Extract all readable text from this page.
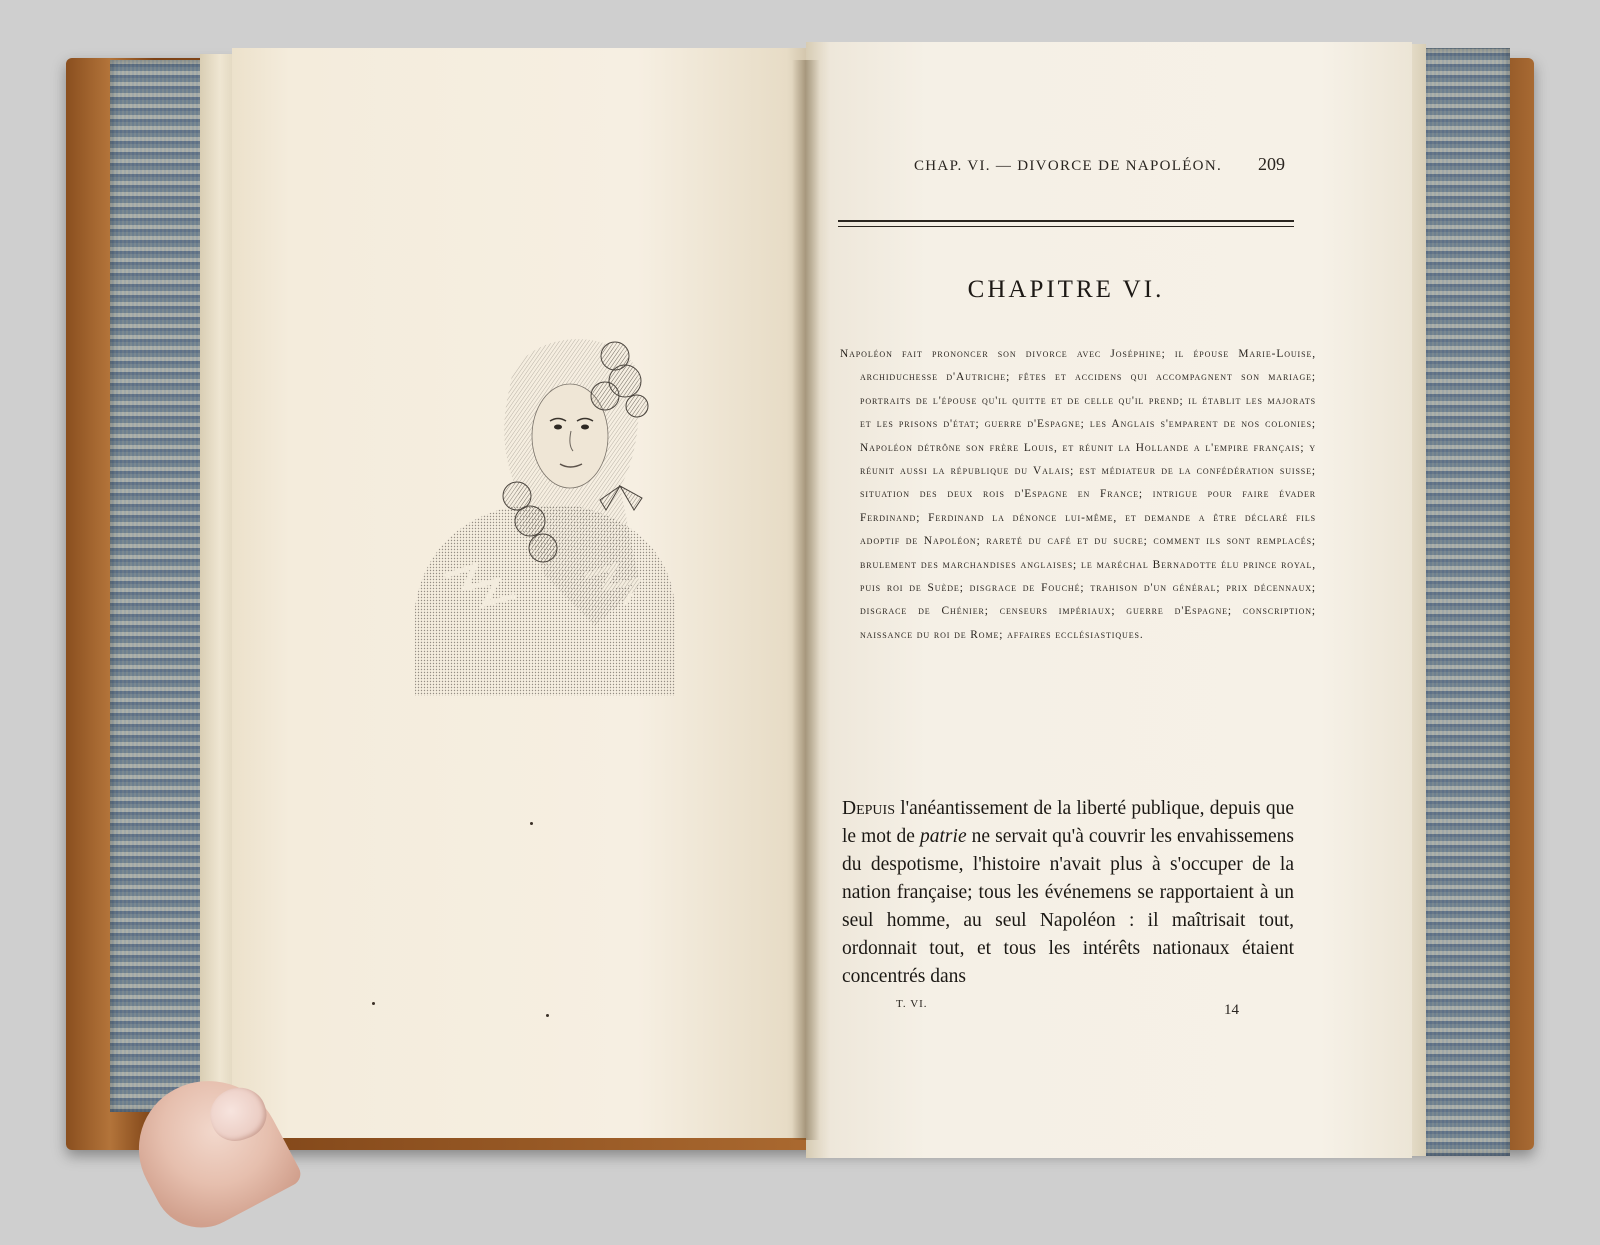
CHAP. VI. — DIVORCE DE NAPOLÉON. 209
CHAPITRE VI.
Napoléon fait prononcer son divorce avec Joséphine; il épouse Marie-Louise, archiduchesse d'Autriche; fêtes et accidens qui accompagnent son mariage; portraits de l'épouse qu'il quitte et de celle qu'il prend; il établit les majorats et les prisons d'état; guerre d'Espagne; les Anglais s'emparent de nos colonies; Napoléon détrône son frère Louis, et réunit la Hollande a l'empire français; y réunit aussi la république du Valais; est médiateur de la confédération suisse; situation des deux rois d'Espagne en France; intrigue pour faire évader Ferdinand; Ferdinand la dénonce lui-même, et demande a être déclaré fils adoptif de Napoléon; rareté du café et du sucre; comment ils sont remplacés; brulement des marchandises anglaises; le maréchal Bernadotte élu prince royal, puis roi de Suède; disgrace de Fouché; trahison d'un général; prix décennaux; disgrace de Chénier; censeurs impériaux; guerre d'Espagne; conscription; naissance du roi de Rome; affaires ecclésiastiques.
Depuis l'anéantissement de la liberté publique, depuis que le mot de patrie ne servait qu'à couvrir les envahissemens du despotisme, l'histoire n'avait plus à s'occuper de la nation française; tous les événemens se rapportaient à un seul homme, au seul Napoléon : il maîtrisait tout, ordonnait tout, et tous les intérêts nationaux étaient concentrés dans
T. VI.	14
